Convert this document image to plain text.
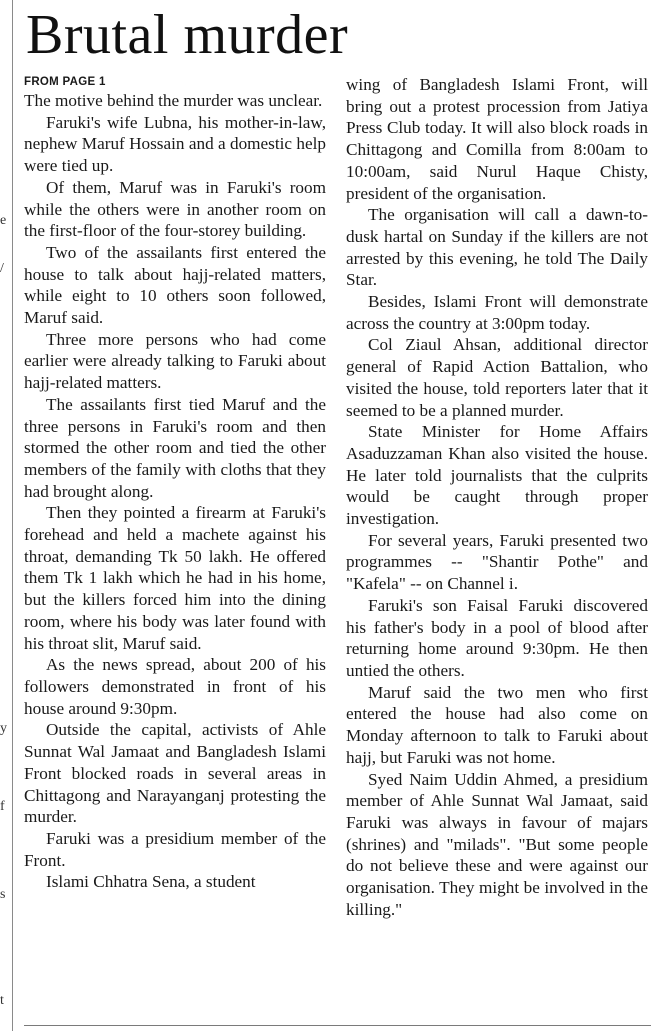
e
/
y
f
s
t
Brutal murder
FROM PAGE 1

The motive behind the murder was unclear.

Faruki's wife Lubna, his mother-in-law, nephew Maruf Hossain and a domestic help were tied up.

Of them, Maruf was in Faruki's room while the others were in another room on the first-floor of the four-storey building.

Two of the assailants first entered the house to talk about hajj-related matters, while eight to 10 others soon followed, Maruf said.

Three more persons who had come earlier were already talking to Faruki about hajj-related matters.

The assailants first tied Maruf and the three persons in Faruki's room and then stormed the other room and tied the other members of the family with cloths that they had brought along.

Then they pointed a firearm at Faruki's forehead and held a machete against his throat, demanding Tk 50 lakh. He offered them Tk 1 lakh which he had in his home, but the killers forced him into the dining room, where his body was later found with his throat slit, Maruf said.

As the news spread, about 200 of his followers demonstrated in front of his house around 9:30pm.

Outside the capital, activists of Ahle Sunnat Wal Jamaat and Bangladesh Islami Front blocked roads in several areas in Chittagong and Narayanganj protesting the murder.

Faruki was a presidium member of the Front.

Islami Chhatra Sena, a student

wing of Bangladesh Islami Front, will bring out a protest procession from Jatiya Press Club today. It will also block roads in Chittagong and Comilla from 8:00am to 10:00am, said Nurul Haque Chisty, president of the organisation.

The organisation will call a dawn-to-dusk hartal on Sunday if the killers are not arrested by this evening, he told The Daily Star.

Besides, Islami Front will demonstrate across the country at 3:00pm today.

Col Ziaul Ahsan, additional director general of Rapid Action Battalion, who visited the house, told reporters later that it seemed to be a planned murder.

State Minister for Home Affairs Asaduzzaman Khan also visited the house. He later told journalists that the culprits would be caught through proper investigation.

For several years, Faruki presented two programmes -- "Shantir Pothe" and "Kafela" -- on Channel i.

Faruki's son Faisal Faruki discovered his father's body in a pool of blood after returning home around 9:30pm. He then untied the others.

Maruf said the two men who first entered the house had also come on Monday afternoon to talk to Faruki about hajj, but Faruki was not home.

Syed Naim Uddin Ahmed, a presidium member of Ahle Sunnat Wal Jamaat, said Faruki was always in favour of majars (shrines) and "milads". "But some people do not believe these and were against our organisation. They might be involved in the killing."
